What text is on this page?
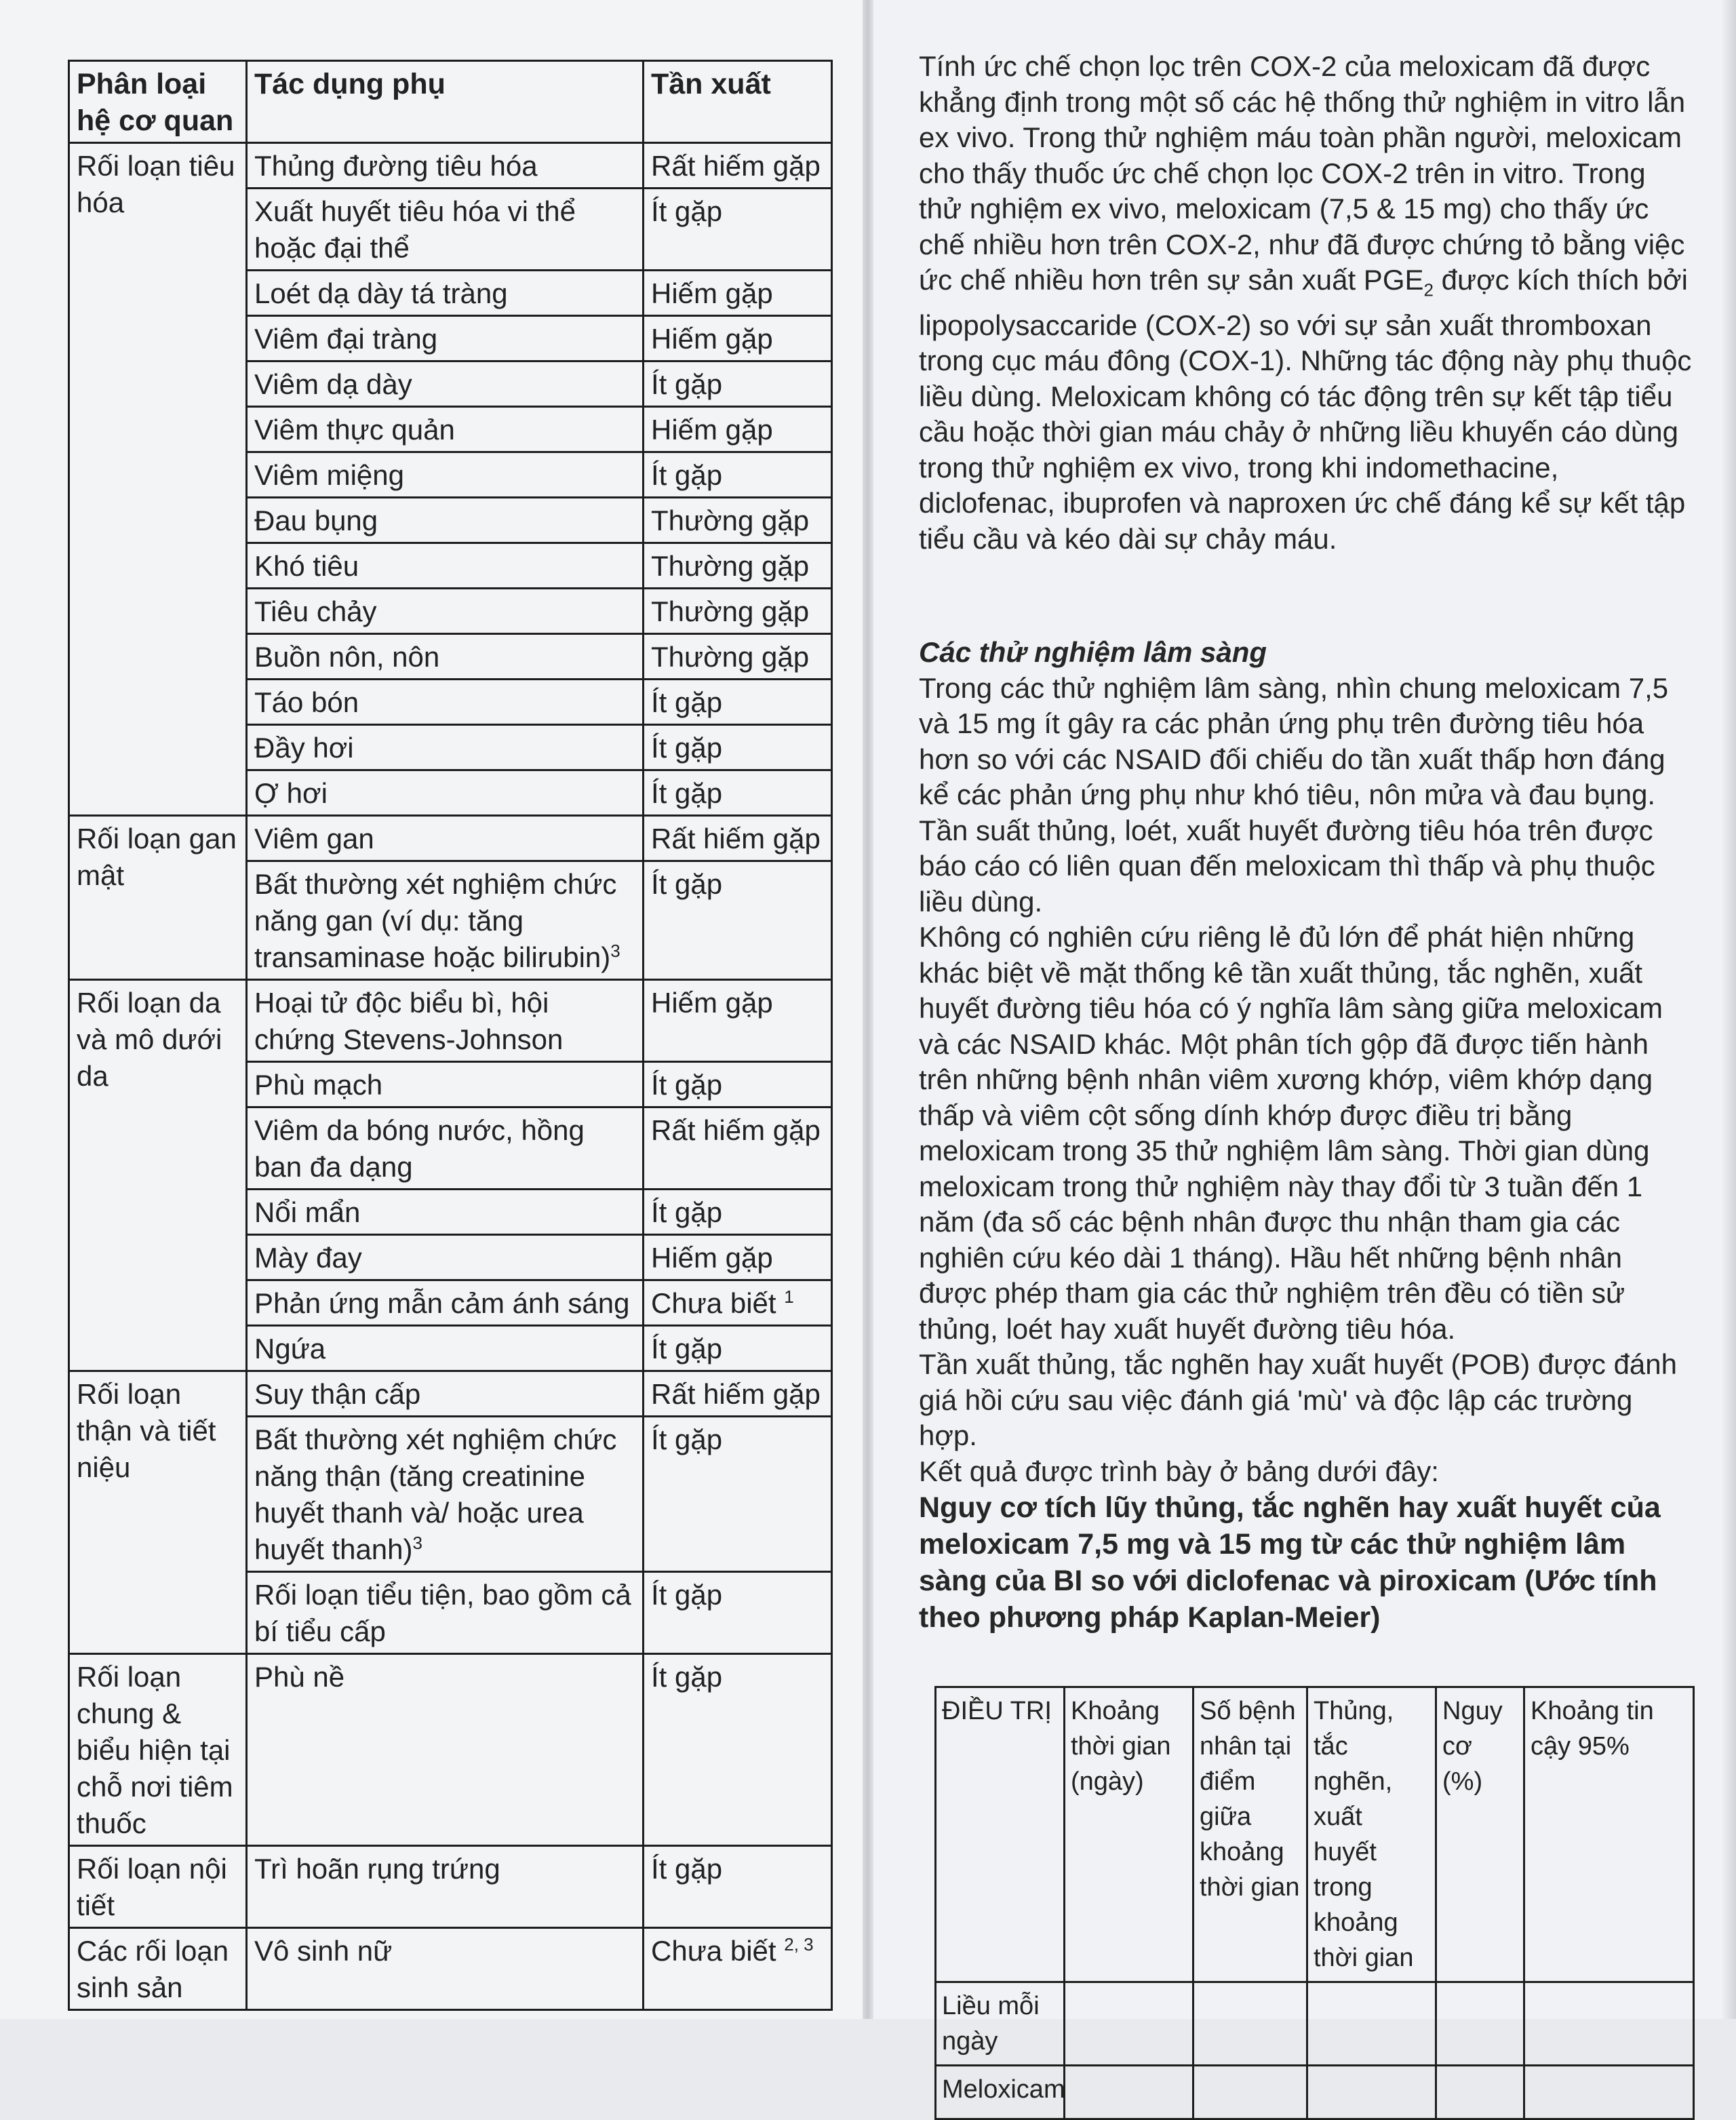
Phân loại hệ cơ quan	Tác dụng phụ	Tần xuất
Rối loạn tiêu hóa	Thủng đường tiêu hóa	Rất hiếm gặp
	Xuất huyết tiêu hóa vi thể hoặc đại thể	Ít gặp
	Loét dạ dày tá tràng	Hiếm gặp
	Viêm đại tràng	Hiếm gặp
	Viêm dạ dày	Ít gặp
	Viêm thực quản	Hiếm gặp
	Viêm miệng	Ít gặp
	Đau bụng	Thường gặp
	Khó tiêu	Thường gặp
	Tiêu chảy	Thường gặp
	Buồn nôn, nôn	Thường gặp
	Táo bón	Ít gặp
	Đầy hơi	Ít gặp
	Ợ hơi	Ít gặp
Rối loạn gan mật	Viêm gan	Rất hiếm gặp
	Bất thường xét nghiệm chức năng gan (ví dụ: tăng transaminase hoặc bilirubin)$^3$	Ít gặp
Rối loạn da và mô dưới da	Hoại tử độc biểu bì, hội chứng Stevens-Johnson	Hiếm gặp
	Phù mạch	Ít gặp
	Viêm da bóng nước, hồng ban đa dạng	Rất hiếm gặp
	Nổi mẩn	Ít gặp
	Mày đay	Hiếm gặp
	Phản ứng mẫn cảm ánh sáng	Chưa biết $^1$
	Ngứa	Ít gặp
Rối loạn thận và tiết niệu	Suy thận cấp	Rất hiếm gặp
	Bất thường xét nghiệm chức năng thận (tăng creatinine huyết thanh và/ hoặc urea huyết thanh)$^3$	Ít gặp
	Rối loạn tiểu tiện, bao gồm cả bí tiểu cấp	Ít gặp
Rối loạn chung & biểu hiện tại chỗ nơi tiêm thuốc	Phù nề	Ít gặp
Rối loạn nội tiết	Trì hoãn rụng trứng	Ít gặp
Các rối loạn sinh sản	Vô sinh nữ	Chưa biết $^{2, 3}$

Tính ức chế chọn lọc trên COX-2 của meloxicam đã được khẳng định trong một số các hệ thống thử nghiệm in vitro lẫn ex vivo. Trong thử nghiệm máu toàn phần người, meloxicam cho thấy thuốc ức chế chọn lọc COX-2 trên in vitro. Trong thử nghiệm ex vivo, meloxicam (7,5 & 15 mg) cho thấy ức chế nhiều hơn trên COX-2, như đã được chứng tỏ bằng việc ức chế nhiều hơn trên sự sản xuất $PGE_2$ được kích thích bởi lipopolysaccaride (COX-2) so với sự sản xuất thromboxan trong cục máu đông (COX-1). Những tác động này phụ thuộc liều dùng. Meloxicam không có tác động trên sự kết tập tiểu cầu hoặc thời gian máu chảy ở những liều khuyến cáo dùng trong thử nghiệm ex vivo, trong khi indomethacine, diclofenac, ibuprofen và naproxen ức chế đáng kể sự kết tập tiểu cầu và kéo dài sự chảy máu.

Các thử nghiệm lâm sàng

Trong các thử nghiệm lâm sàng, nhìn chung meloxicam 7,5 và 15 mg ít gây ra các phản ứng phụ trên đường tiêu hóa hơn so với các NSAID đối chiếu do tần xuất thấp hơn đáng kể các phản ứng phụ như khó tiêu, nôn mửa và đau bụng. Tần suất thủng, loét, xuất huyết đường tiêu hóa trên được báo cáo có liên quan đến meloxicam thì thấp và phụ thuộc liều dùng.

Không có nghiên cứu riêng lẻ đủ lớn để phát hiện những khác biệt về mặt thống kê tần xuất thủng, tắc nghẽn, xuất huyết đường tiêu hóa có ý nghĩa lâm sàng giữa meloxicam và các NSAID khác. Một phân tích gộp đã được tiến hành trên những bệnh nhân viêm xương khớp, viêm khớp dạng thấp và viêm cột sống dính khớp được điều trị bằng meloxicam trong 35 thử nghiệm lâm sàng. Thời gian dùng meloxicam trong thử nghiệm này thay đổi từ 3 tuần đến 1 năm (đa số các bệnh nhân được thu nhận tham gia các nghiên cứu kéo dài 1 tháng). Hầu hết những bệnh nhân được phép tham gia các thử nghiệm trên đều có tiền sử thủng, loét hay xuất huyết đường tiêu hóa.

Tần xuất thủng, tắc nghẽn hay xuất huyết (POB) được đánh giá hồi cứu sau việc đánh giá 'mù' và độc lập các trường hợp.

Kết quả được trình bày ở bảng dưới đây:

Nguy cơ tích lũy thủng, tắc nghẽn hay xuất huyết của meloxicam 7,5 mg và 15 mg từ các thử nghiệm lâm sàng của BI so với diclofenac và piroxicam (Ước tính theo phương pháp Kaplan-Meier)

ĐIỀU TRỊ	Khoảng thời gian (ngày)	Số bệnh nhân tại điểm giữa khoảng thời gian	Thủng, tắc nghẽn, xuất huyết trong khoảng thời gian	Nguy cơ (%)	Khoảng tin cậy 95%
Liều mỗi ngày					
Meloxicam					
